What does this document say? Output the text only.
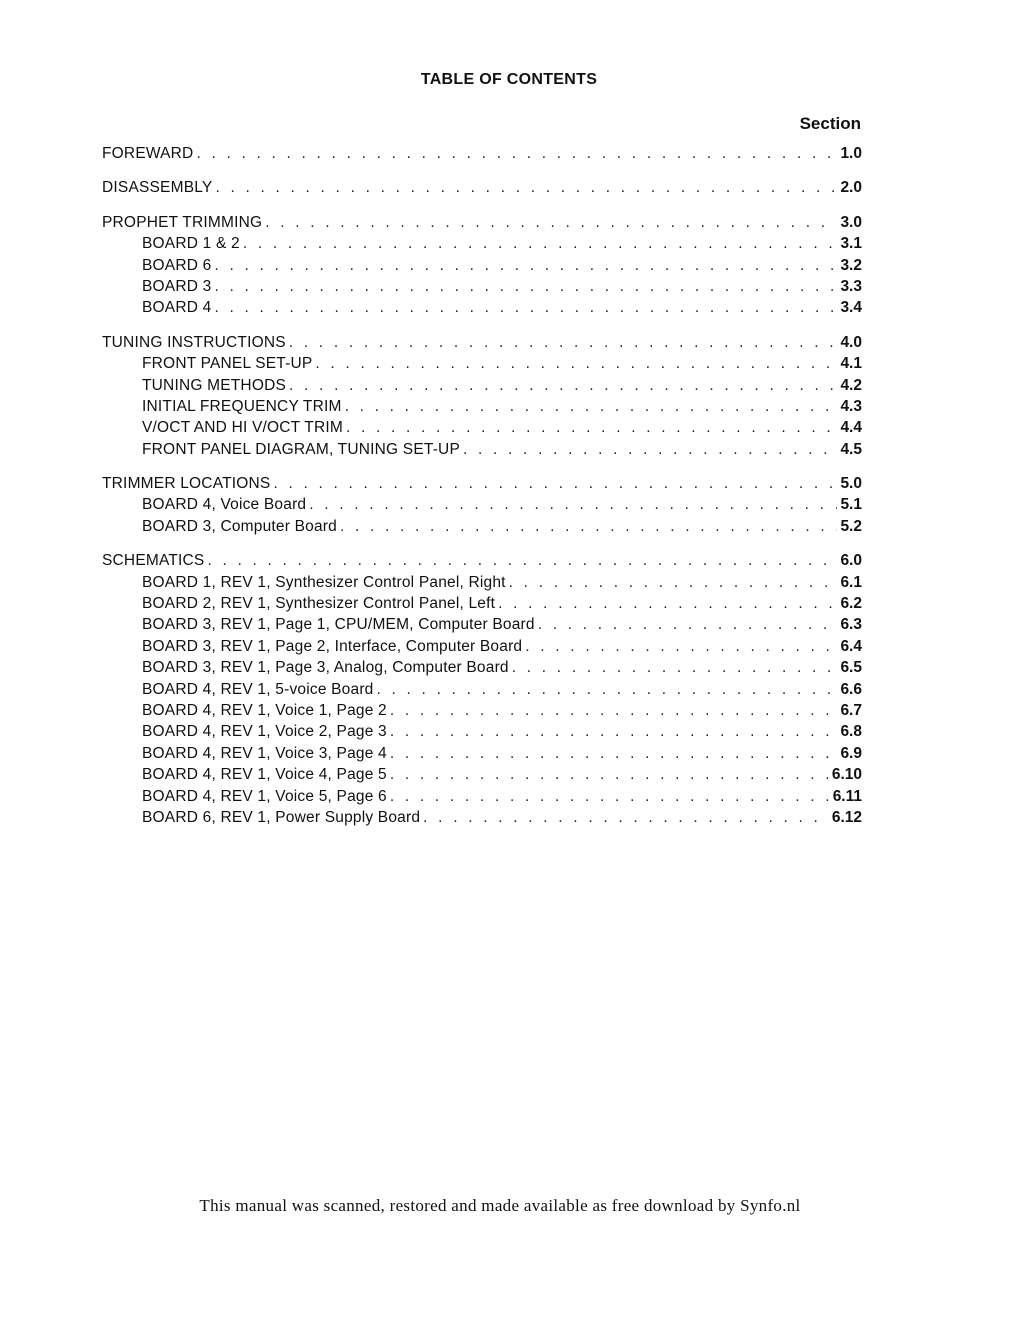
TABLE OF CONTENTS
Section
FOREWARD . . .	1.0
DISASSEMBLY . . .	2.0
PROPHET TRIMMING . . .	3.0
BOARD 1 & 2 . . .	3.1
BOARD 6 . . .	3.2
BOARD 3 . . .	3.3
BOARD 4 . . .	3.4
TUNING INSTRUCTIONS . . .	4.0
FRONT PANEL SET-UP . . .	4.1
TUNING METHODS . . .	4.2
INITIAL FREQUENCY TRIM . . .	4.3
V/OCT AND HI V/OCT TRIM . . .	4.4
FRONT PANEL DIAGRAM, TUNING SET-UP . . .	4.5
TRIMMER LOCATIONS . . .	5.0
BOARD 4, Voice Board . . .	5.1
BOARD 3, Computer Board . . .	5.2
SCHEMATICS . . .	6.0
BOARD 1, REV 1, Synthesizer Control Panel, Right . . .	6.1
BOARD 2, REV 1, Synthesizer Control Panel, Left . . .	6.2
BOARD 3, REV 1, Page 1, CPU/MEM, Computer Board . . .	6.3
BOARD 3, REV 1, Page 2, Interface, Computer Board . . .	6.4
BOARD 3, REV 1, Page 3, Analog, Computer Board . . .	6.5
BOARD 4, REV 1, 5-voice Board . . .	6.6
BOARD 4, REV 1, Voice 1, Page 2 . . .	6.7
BOARD 4, REV 1, Voice 2, Page 3 . . .	6.8
BOARD 4, REV 1, Voice 3, Page 4 . . .	6.9
BOARD 4, REV 1, Voice 4, Page 5 . . .	6.10
BOARD 4, REV 1, Voice 5, Page 6 . . .	6.11
BOARD 6, REV 1, Power Supply Board . . .	6.12
This manual was scanned, restored and made available as free download by Synfo.nl
